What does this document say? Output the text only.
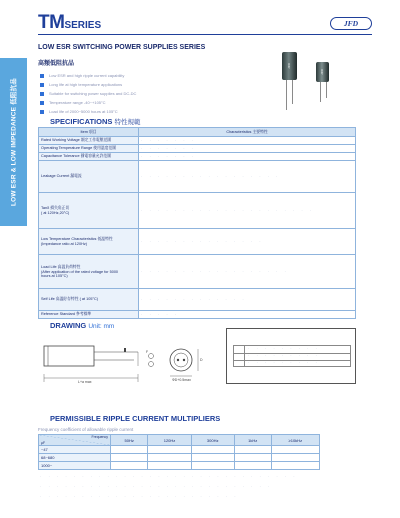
LOW ESR & LOW IMPEDANCE 低阻抗品
TMSERIES	JFD
LOW ESR SWITCHING POWER SUPPLIES SERIES
高頻低阻抗品
Low ESR and high ripple current capability
Long life at high temperature applications
Suitable for switching power supplies and DC-DC
Temperature range -40~+105°C
Load life of 2000~5000 hours at 105°C
JFD
JFD
SPECIFICATIONS 特性規範
Item 項目	Characteristics 主要特性
Rated Working Voltage 額定工作電壓范圍	· · · · · · ·
Operating Temperature Range 使用溫度范圍	· · · · · · ·
Capacitance Tolerance 靜電容量允許范圍	· · · · · · ·
Leakage Current 漏電流	· · · · · · · · · · · · · · · · ·

Tanδ 損失角正切
( at 120Hz,20°C)	· · · · · · · · · · · · · · · · · · · · ·

Low Temperature Characteristics 低溫特性
(Impedance ratio at 120Hz)	· · · · · · · · · · · · · · ·

Load Life 高溫負荷特性
(After application of the rated voltage for 5000
hours at 105°C)	· · · · · · · · · · · · · · · · · ·
Self Life 高溫貯存特性 ( at 105°C)	· · · · · · · · · · · · ·
Reference Standard 參考標準	· · · · ·
DRAWING Unit: mm
F
D
ΦD+0.5max
L+a max
· · · · · · · · ·
· · · · · · · · ·
· · · · · · · · ·
PERMISSIBLE RIPPLE CURRENT MULTIPLIERS
Frequency coefficient of allowable ripple current
Frequency
μF	50Hz	120Hz	300Hz	1kHz	≥10kHz
~47					
68~680					
1000~					
· · · · · · · · · · · · · · · · · · · · · · · · · · · · · · ·
· · · · · · · · · · · · · · · · · · · · · · · · · · · ·
· · · · · · · · · · · · · · · · · · · · · · · ·
